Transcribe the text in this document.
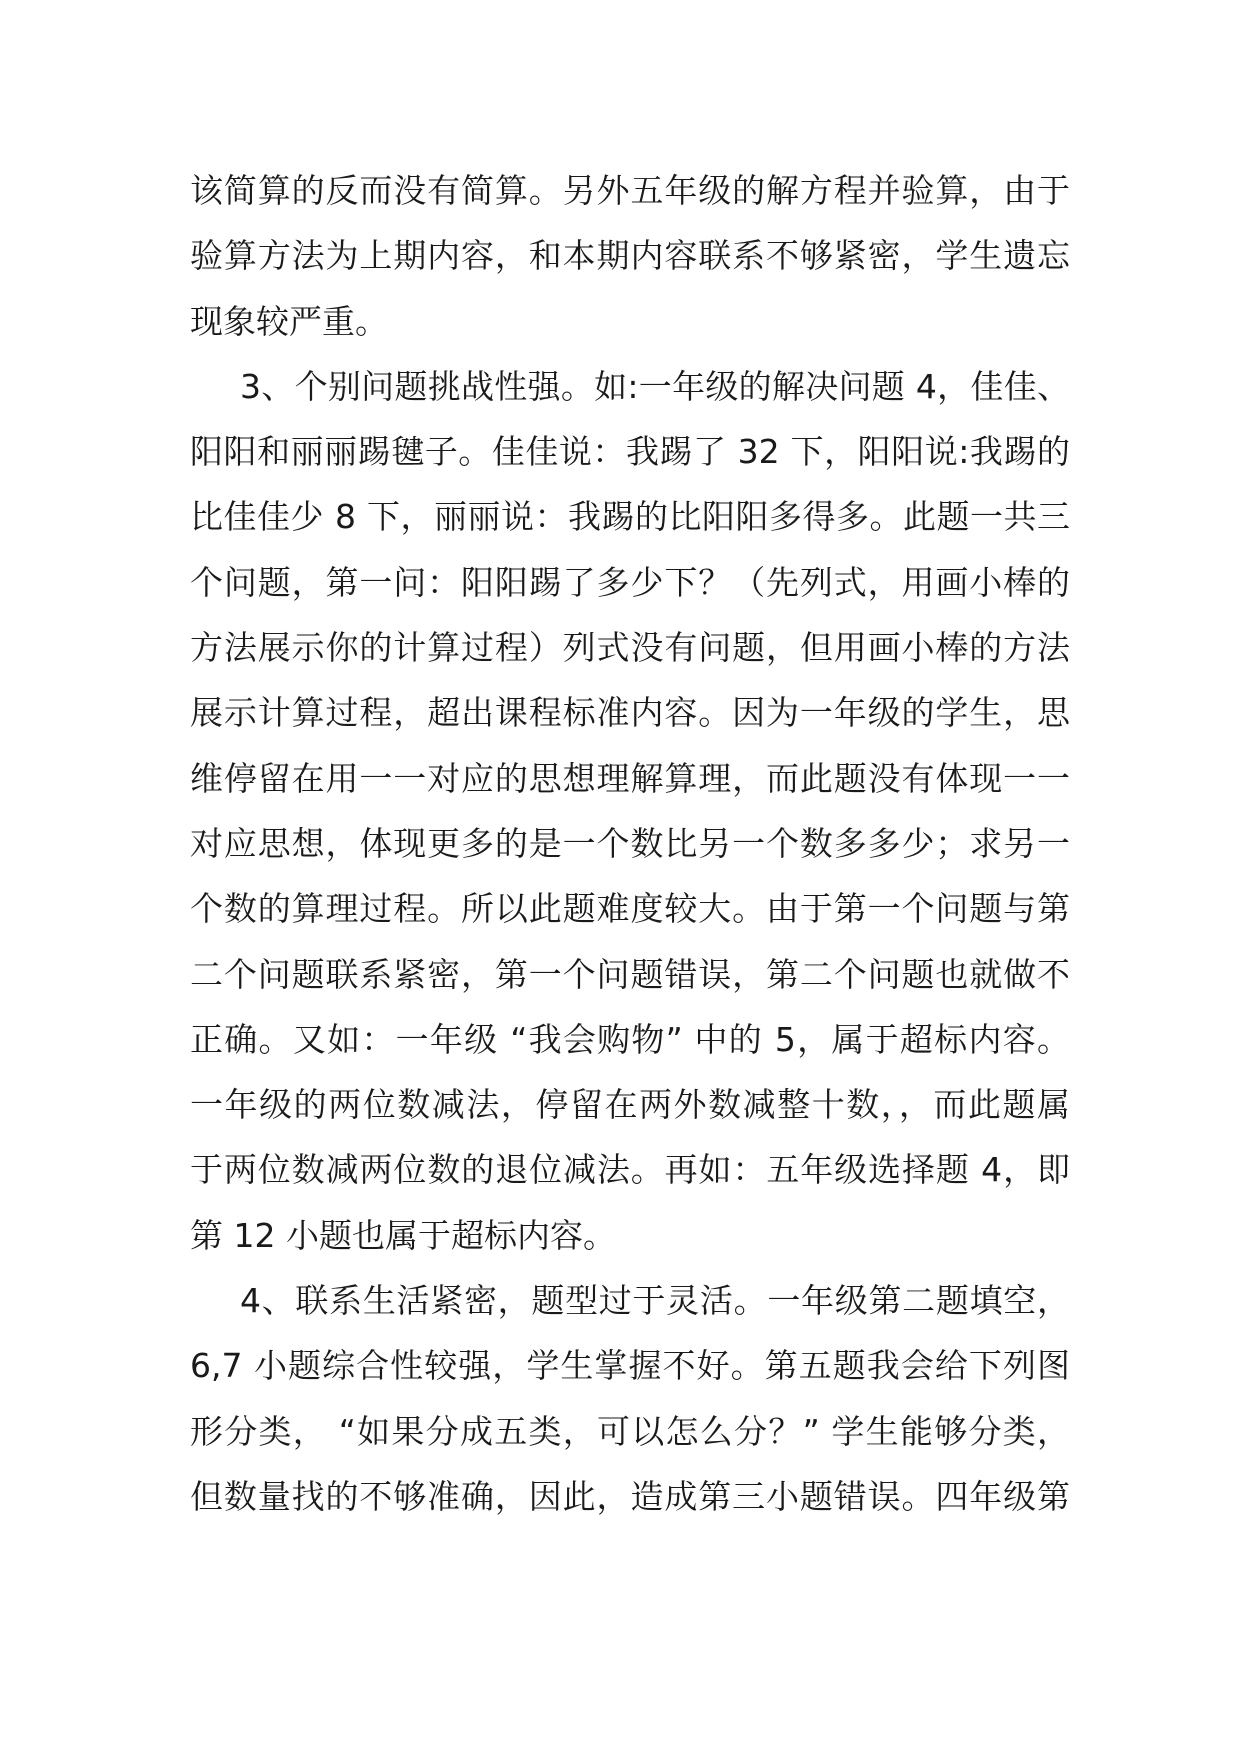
该简算的反而没有简算。另外五年级的解方程并验算，由于
验算方法为上期内容，和本期内容联系不够紧密，学生遗忘
现象较严重。
3、个别问题挑战性强。如:一年级的解决问题 4，佳佳、
阳阳和丽丽踢毽子。佳佳说：我踢了 32 下，阳阳说:我踢的
比佳佳少 8 下，丽丽说：我踢的比阳阳多得多。此题一共三
个问题，第一问：阳阳踢了多少下？（先列式，用画小棒的
方法展示你的计算过程）列式没有问题，但用画小棒的方法
展示计算过程，超出课程标准内容。因为一年级的学生，思
维停留在用一一对应的思想理解算理，而此题没有体现一一
对应思想，体现更多的是一个数比另一个数多多少；求另一
个数的算理过程。所以此题难度较大。由于第一个问题与第
二个问题联系紧密，第一个问题错误，第二个问题也就做不
正确。又如：一年级 “我会购物” 中的 5，属于超标内容。
一年级的两位数减法，停留在两外数减整十数，，而此题属
于两位数减两位数的退位减法。再如：五年级选择题 4，即
第 12 小题也属于超标内容。
4、联系生活紧密，题型过于灵活。一年级第二题填空，
6,7 小题综合性较强，学生掌握不好。第五题我会给下列图
形分类， “如果分成五类，可以怎么分？” 学生能够分类，
但数量找的不够准确，因此，造成第三小题错误。四年级第
